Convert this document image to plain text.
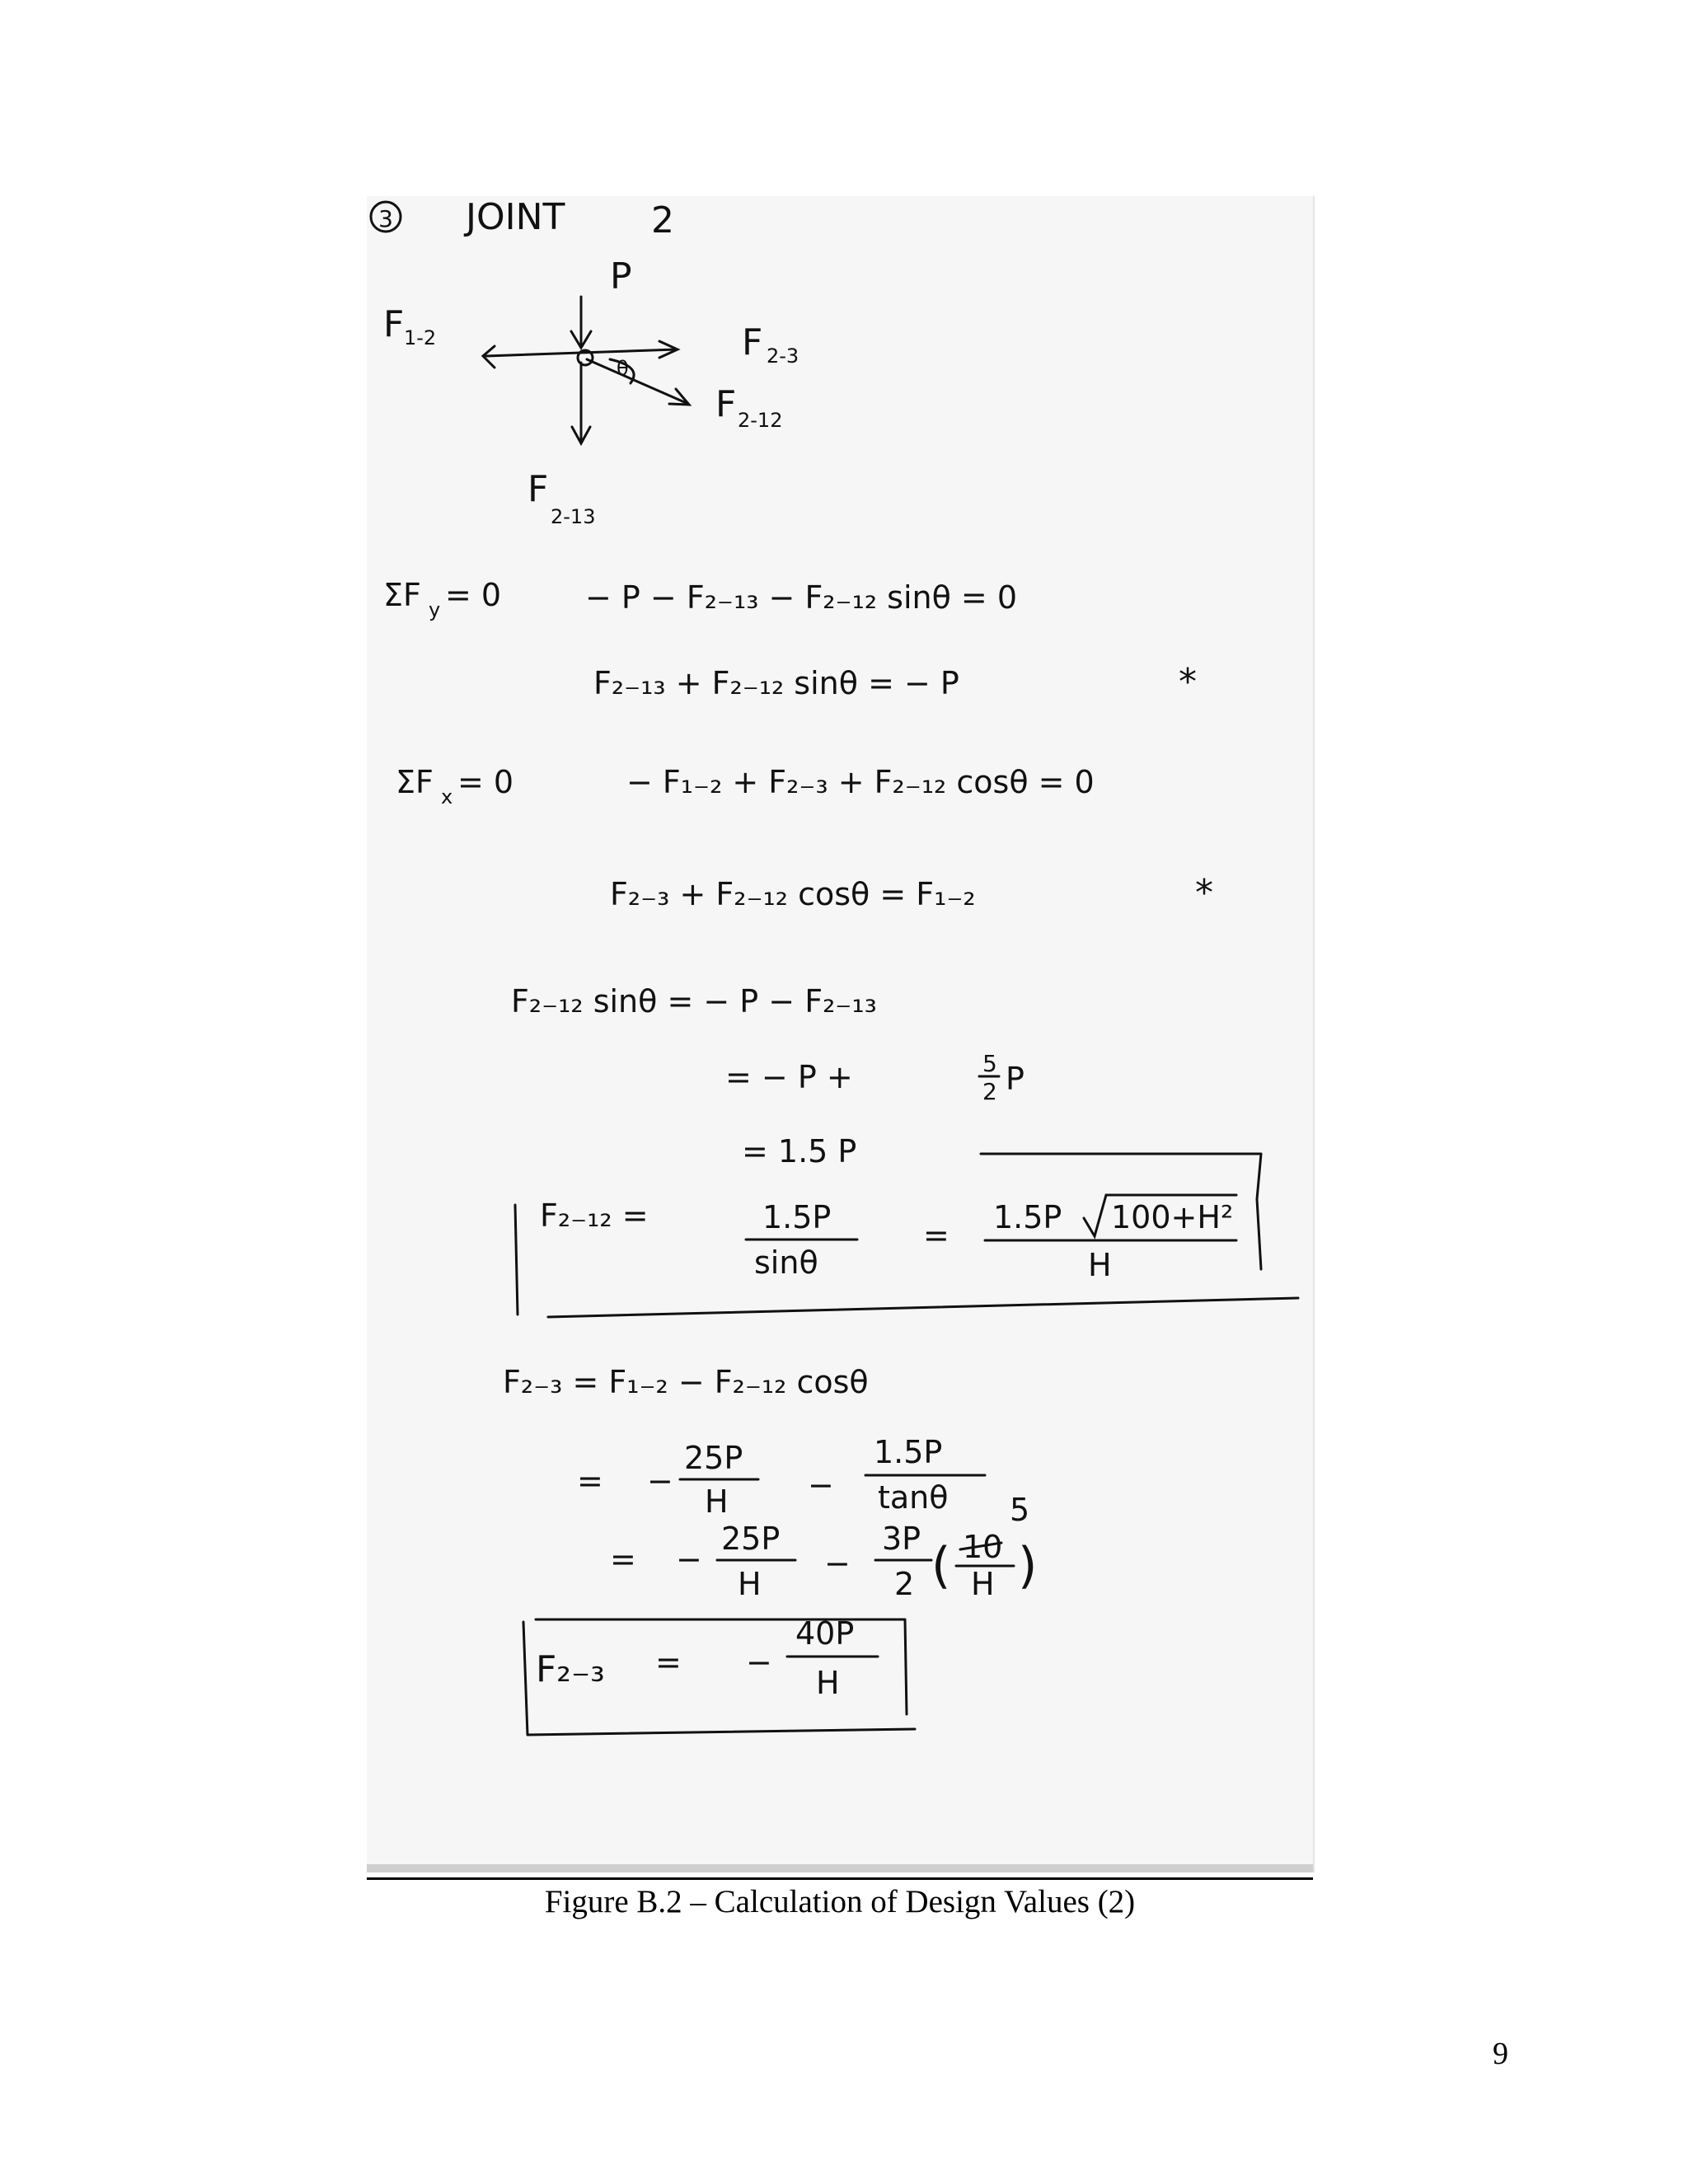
3 JOINT 2
P
θ
F 1-2	F 2-3
F 2-12
F
2-13
ΣF y = 0	− P − F₂₋₁₃ − F₂₋₁₂ sinθ = 0
F₂₋₁₃ + F₂₋₁₂ sinθ = − P	*
ΣF x = 0	− F₁₋₂ + F₂₋₃ + F₂₋₁₂ cosθ = 0
F₂₋₃ + F₂₋₁₂ cosθ = F₁₋₂	*
F₂₋₁₂ sinθ = − P − F₂₋₁₃
= − P +	5
2 P
= 1.5 P
F₂₋₁₂ =	1.5P
sinθ
= 1.5P 100+H²
H
F₂₋₃ = F₁₋₂ − F₂₋₁₂ cosθ
= −
25P
H	−
1.5P
tanθ
= −
25P
H
−
3P
2 (
5
10
H )
F₂₋₃ = −
40P
H
Figure B.2 – Calculation of Design Values (2)
9
